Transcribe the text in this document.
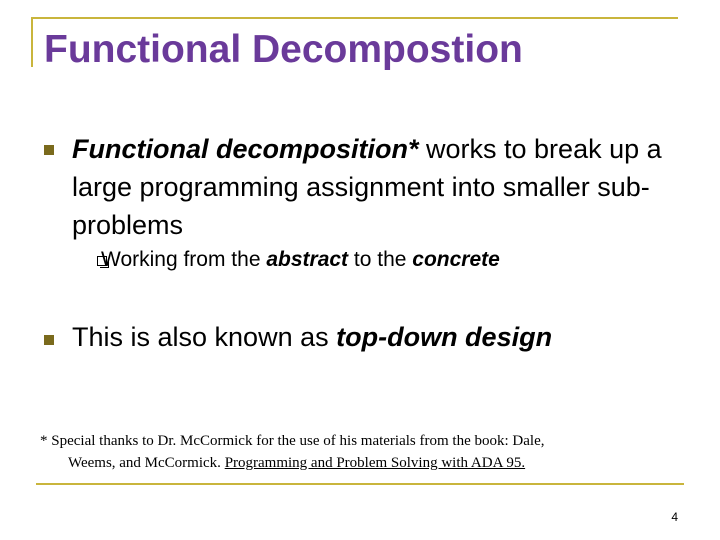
Functional Decompostion
Functional decomposition* works to break up a large programming assignment into smaller sub-problems
Working from the abstract to the concrete
This is also known as top-down design
* Special thanks to Dr. McCormick for the use of his materials from the book: Dale,
Weems, and McCormick. Programming and Problem Solving with ADA 95.
4
